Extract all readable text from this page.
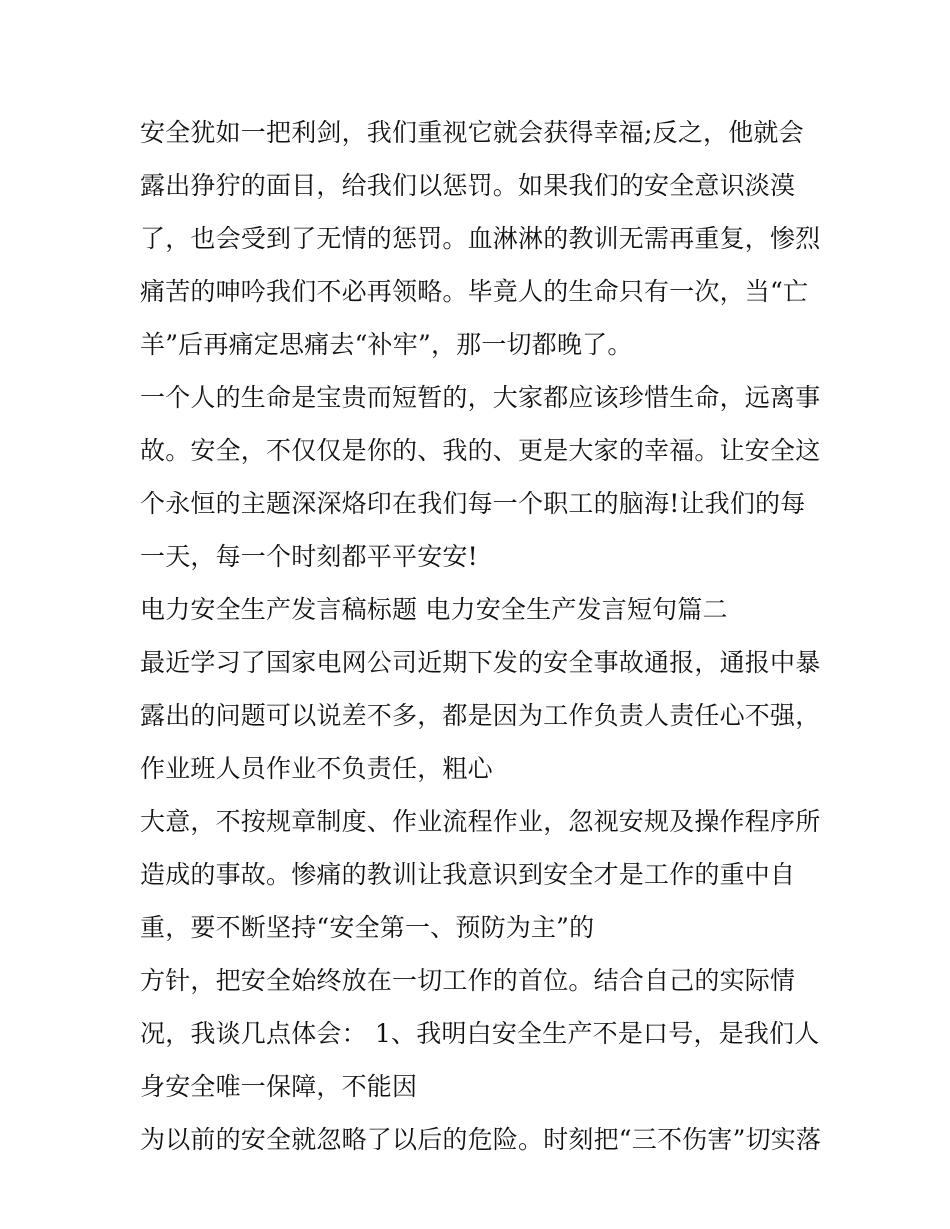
安全犹如一把利剑，我们重视它就会获得幸福;反之，他就会
露出狰狞的面目，给我们以惩罚。如果我们的安全意识淡漠
了，也会受到了无情的惩罚。血淋淋的教训无需再重复，惨烈
痛苦的呻吟我们不必再领略。毕竟人的生命只有一次，当“亡
羊”后再痛定思痛去“补牢”，那一切都晚了。
一个人的生命是宝贵而短暂的，大家都应该珍惜生命，远离事
故。安全，不仅仅是你的、我的、更是大家的幸福。让安全这
个永恒的主题深深烙印在我们每一个职工的脑海!让我们的每
一天，每一个时刻都平平安安!
电力安全生产发言稿标题 电力安全生产发言短句篇二
最近学习了国家电网公司近期下发的安全事故通报，通报中暴
露出的问题可以说差不多，都是因为工作负责人责任心不强，
作业班人员作业不负责任，粗心
大意，不按规章制度、作业流程作业，忽视安规及操作程序所
造成的事故。惨痛的教训让我意识到安全才是工作的重中自
重，要不断坚持“安全第一、预防为主”的
方针，把安全始终放在一切工作的首位。结合自己的实际情
况，我谈几点体会： 1、我明白安全生产不是口号，是我们人
身安全唯一保障，不能因
为以前的安全就忽略了以后的危险。时刻把“三不伤害”切实落
